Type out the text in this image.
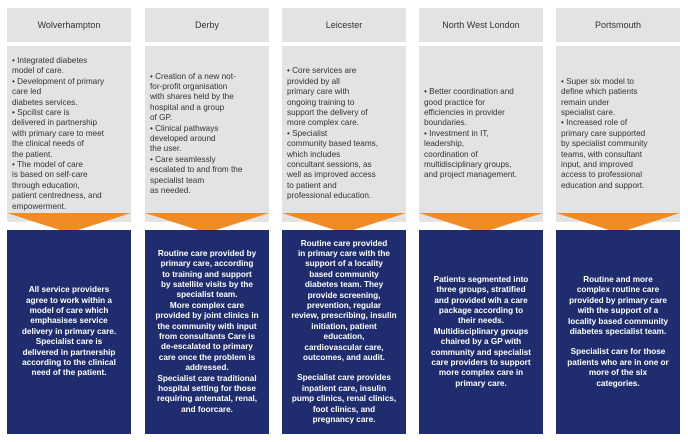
Wolverhampton
• Integrated diabetes
model of care.
• Development of primary
care led
diabetes services.
• Spcilist care is
delivered in partnership
with primary care to meet
the clinical needs of
the patient.
• The model of care
is based on self-care
through education,
patient centredness, and
empowerment.
All service providers
agree to work within a
model of care which
emphasises service
delivery in primary care.
Specialist care is
delivered in partnership
according to the clinical
need of the patient.
Derby
• Creation of a new not-
for-profit organisation
with shares held by the
hospital and a group
of GP.
• Clinical pathways
developed around
the user.
• Care seamlessly
escalated to and from the
specialist team
as needed.
Routine care provided by
primary care, according
to training and support
by satellite visits by the
specialist team.
More complex care
provided by joint clinics in
the community with input
from consultants Care is
de-escalated to primary
care once the problem is
addressed.
Specialist care traditional
hospital setting for those
requiring antenatal, renal,
and foorcare.
Leicester
• Core services are
provided by all
primary care with
ongoing training to
support the delivery of
more complex care.
• Specialist
community based teams,
which includes
concultant sessions, as
well as improved access
to patient and
professional education.
Routine care provided
in primary care with the
support of a locality
based community
diabetes team. They
provide screening,
prevention, regular
review, prescribing, insulin
initiation, patient
education,
cardiovascular care,
outcomes, and audit.
Specialist care provides
inpatient care, insulin
pump clinics, renal clinics,
foot clinics, and
pregnancy care.
North West London
• Better coordination and
good practice for
efficiencies in provider
boundaries.
• Investment in IT,
leadership,
coordination of
multidisciplinary groups,
and project management.
Patients segmented into
three groups, stratified
and provided wih a care
package according to
their needs.
Multidisciplinary groups
chaired by a GP with
community and specialist
care providers to support
more complex care in
primary care.
Portsmouth
• Super six model to
define which patients
remain under
specialist care.
• Increased role of
primary care supported
by specialist community
teams, with consultant
input, and improved
access to professional
education and support.
Routine and more
complex routine care
provided by primary care
with the support of a
locality based community
diabetes specialist team.
Specialist care for those
patients who are in one or
more of the six
categories.
